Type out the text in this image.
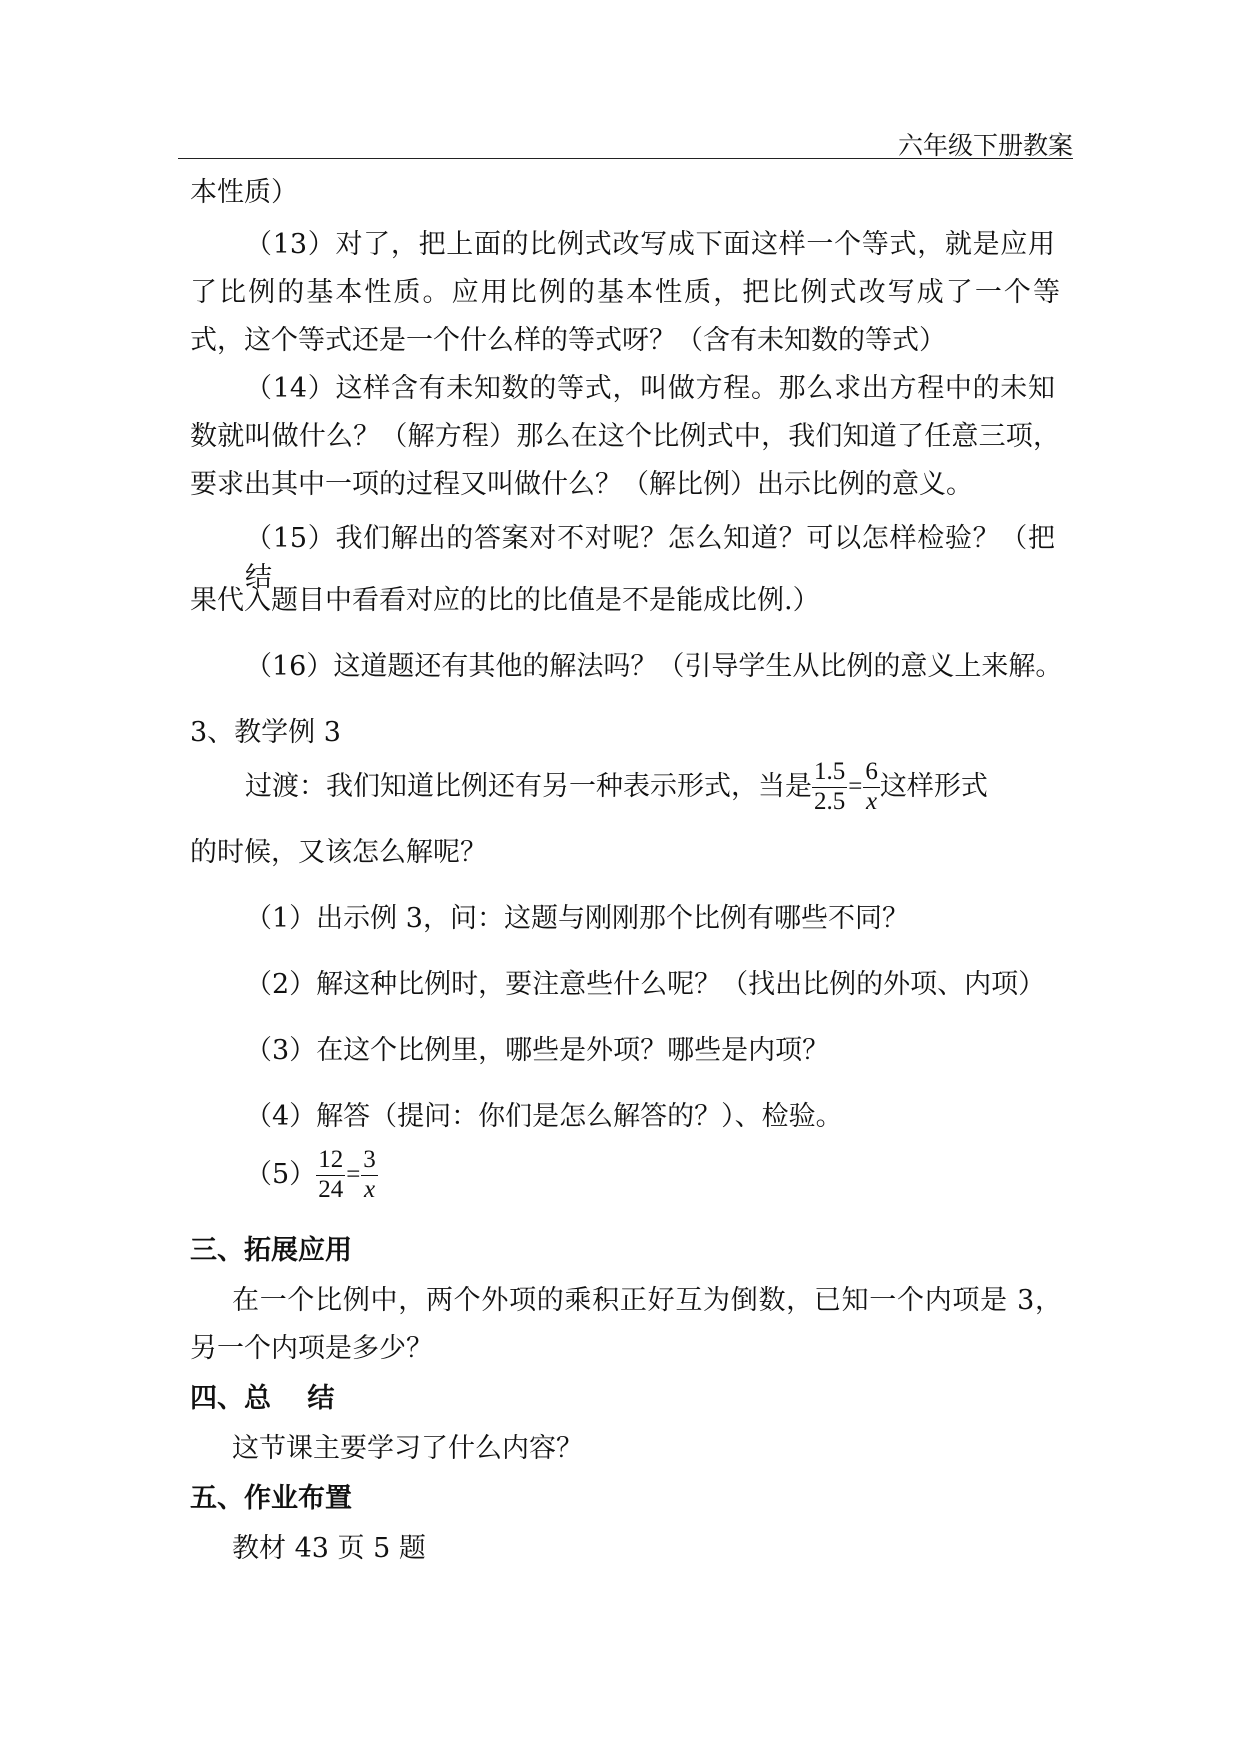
六年级下册教案
本性质）
（13）对了，把上面的比例式改写成下面这样一个等式，就是应用
了比例的基本性质。应用比例的基本性质，把比例式改写成了一个等
式，这个等式还是一个什么样的等式呀？（含有未知数的等式）
（14）这样含有未知数的等式，叫做方程。那么求出方程中的未知
数就叫做什么？（解方程）那么在这个比例式中，我们知道了任意三项，
要求出其中一项的过程又叫做什么？（解比例）出示比例的意义。
（15）我们解出的答案对不对呢？怎么知道？可以怎样检验？（把结
果代入题目中看看对应的比的比值是不是能成比例.）
（16）这道题还有其他的解法吗？（引导学生从比例的意义上来解。
3、教学例 3
过渡：我们知道比例还有另一种表示形式，当是 $\frac{1.5}{2.5} = \frac{6}{x}$ 这样形式
的时候，又该怎么解呢？
（1）出示例 3，问：这题与刚刚那个比例有哪些不同？
（2）解这种比例时，要注意些什么呢？（找出比例的外项、内项）
（3）在这个比例里，哪些是外项？哪些是内项？
（4）解答（提问：你们是怎么解答的？）、检验。
$(5) \frac{12}{24} = \frac{3}{x}$
三、拓展应用
在一个比例中，两个外项的乘积正好互为倒数，已知一个内项是 3，
另一个内项是多少？
四、总　 结
这节课主要学习了什么内容？
五、作业布置
教材 43 页 5 题
